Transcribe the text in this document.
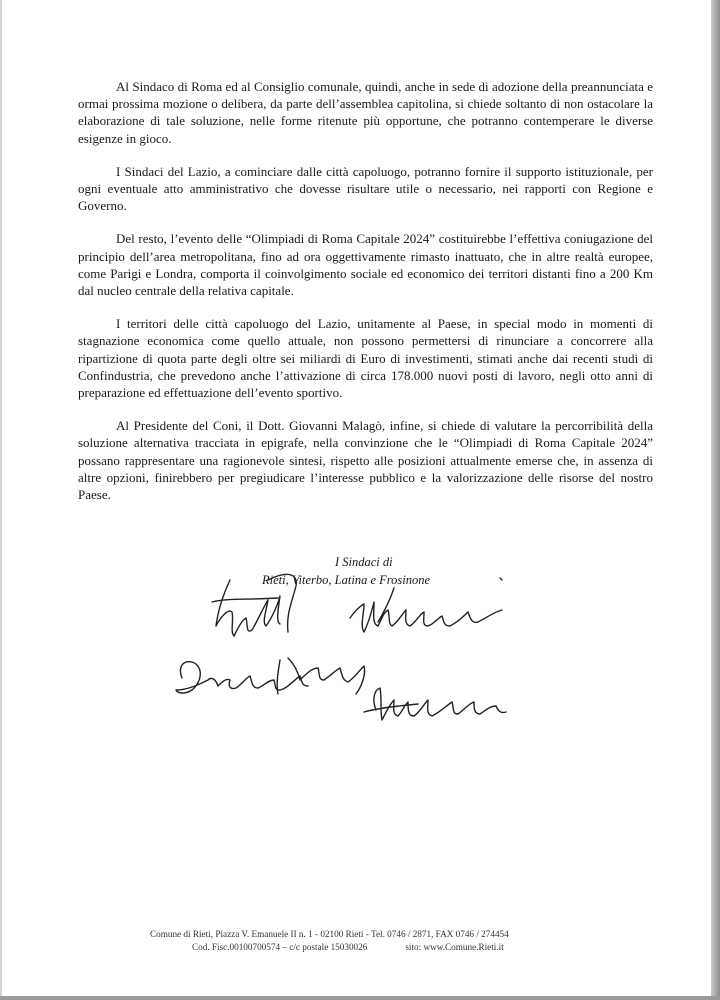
Al Sindaco di Roma ed al Consiglio comunale, quindi, anche in sede di adozione della preannunciata e ormai prossima mozione o delibera, da parte dell’assemblea capitolina, si chiede soltanto di non ostacolare la elaborazione di tale soluzione, nelle forme ritenute più opportune, che potranno contemperare le diverse esigenze in gioco.

I Sindaci del Lazio, a cominciare dalle città capoluogo, potranno fornire il supporto istituzionale, per ogni eventuale atto amministrativo che dovesse risultare utile o necessario, nei rapporti con Regione e Governo.

Del resto, l’evento delle “Olimpiadi di Roma Capitale 2024” costituirebbe l’effettiva coniugazione del principio dell’area metropolitana, fino ad ora oggettivamente rimasto inattuato, che in altre realtà europee, come Parigi e Londra, comporta il coinvolgimento sociale ed economico dei territori distanti fino a 200 Km dal nucleo centrale della relativa capitale.

I territori delle città capoluogo del Lazio, unitamente al Paese, in special modo in momenti di stagnazione economica come quello attuale, non possono permettersi di rinunciare a concorrere alla ripartizione di quota parte degli oltre sei miliardi di Euro di investimenti, stimati anche dai recenti studi di Confindustria, che prevedono anche l’attivazione di circa 178.000 nuovi posti di lavoro, negli otto anni di preparazione ed effettuazione dell’evento sportivo.

Al Presidente del Coni, il Dott. Giovanni Malagò, infine, si chiede di valutare la percorribilità della soluzione alternativa tracciata in epigrafe, nella convinzione che le “Olimpiadi di Roma Capitale 2024” possano rappresentare una ragionevole sintesi, rispetto alle posizioni attualmente emerse che, in assenza di altre opzioni, finirebbero per pregiudicare l’interesse pubblico e la valorizzazione delle risorse del nostro Paese.

I Sindaci di
Rieti, Viterbo, Latina e Frosinone
Comune di Rieti, Piazza V. Emanuele II n. 1 - 02100 Rieti - Tel. 0746 / 2871, FAX 0746 / 274454
Cod. Fisc.00100700574 – c/c postale 15030026	sito: www.Comune.Rieti.it
